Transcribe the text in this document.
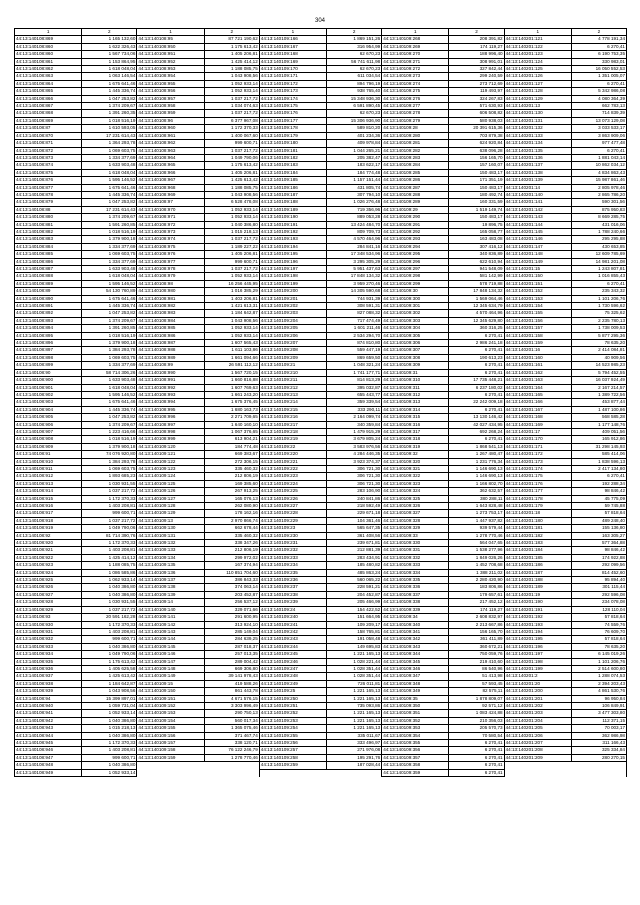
304
1	2
44:13:140108:869	1 165 132,60
44:13:140108:860	1 622 326,43
44:13:140108:860	1 567 734,06
44:13:140108:861	1 153 864,95
44:13:140108:862	1 618 048,04
44:13:140108:863	1 063 146,54
44:13:140108:864	1 675 641,46
44:13:140108:865	1 445 336,74
44:13:140108:866	1 047 253,82
44:13:140108:867	1 374 209,67
44:13:140108:868	1 391 260,35
44:13:140108:869	1 018 516,19
44:13:140108:87	1 610 593,05
44:13:140108:870	17 231 614,43
44:13:140108:871	1 364 293,78
44:13:140108:872	1 069 603,75
44:13:140108:873	1 334 377,69
44:13:140108:874	1 633 903,48
44:13:140108:875	1 618 048,04
44:13:140108:876	1 595 146,52
44:13:140108:877	1 675 641,46
44:13:140108:878	1 445 336,74
44:13:140108:879	1 047 253,82
44:13:140108:88	17 231 614,43
44:13:140108:880	1 374 209,67
44:13:140108:881	1 591 260,85
44:13:140108:882	1 018 516,19
44:13:140108:883	1 379 900,18
44:13:140108:884	1 334 377,69
44:13:140108:885	1 069 603,75
44:13:140108:886	1 334 377,69
44:13:140108:887	1 633 903,48
44:13:140108:888	1 618 048,04
44:13:140108:889	1 595 146,52
44:13:140108:89	54 130 760,89
44:13:140108:890	1 675 641,46
44:13:140108:891	1 445 336,74
44:13:140108:892	1 047 253,82
44:13:140108:893	1 374 209,67
44:13:140108:894	1 391 260,85
44:13:140108:895	1 018 516,19
44:13:140108:896	1 379 900,18
44:13:140108:897	1 384 293,78
44:13:140108:898	1 069 603,75
44:13:140108:899	1 334 377,69
44:13:140108:90	58 714 306,26
44:13:140108:900	1 633 903,48
44:13:140108:901	1 618 048,04
44:13:140108:902	1 595 146,52
44:13:140108:903	1 675 641,46
44:13:140108:904	1 445 336,74
44:13:140108:905	1 047 253,82
44:13:140108:906	1 374 209,67
44:13:140108:907	1 223 416,66
44:13:140108:908	1 018 516,19
44:13:140108:909	1 379 900,18
44:13:140108:91	74 076 920,80
44:13:140108:910	1 384 293,78
44:13:140108:911	1 069 603,75
44:13:140108:912	1 893 685,23
44:13:140108:913	1 030 931,55
44:13:140108:914	1 037 217,72
44:13:140108:915	1 172 370,33
44:13:140108:916	1 403 208,81
44:13:140108:917	999 600,71
44:13:140108:918	1 037 217,72
44:13:140108:919	1 049 790,06
44:13:140108:92	81 714 390,76
44:13:140108:920	1 172 370,33
44:13:140108:921	1 403 208,81
44:13:140108:922	1 425 414,12
44:13:140108:923	1 188 085,75
44:13:140108:924	1 086 585,86
44:13:140108:925	1 062 933,14
44:13:140108:926	1 040 386,80
44:13:140108:927	1 040 386,80
44:13:140108:928	1 030 931,55
44:13:140108:929	1 037 217,72
44:13:140108:93	20 591 162,28
44:13:140108:930	1 172 370,33
44:13:140108:931	1 403 208,81
44:13:140108:932	999 600,71
44:13:140108:933	1 040 386,80
44:13:140108:934	1 049 790,06
44:13:140108:935	1 175 613,42
44:13:140108:936	1 405 625,58
44:13:140108:937	1 425 613,42
44:13:140108:938	1 184 642,87
44:13:140108:939	1 043 908,56
44:13:140108:94	15 399 897,01
44:13:140108:940	1 059 731,04
44:13:140108:941	1 052 933,14
44:13:140108:942	1 040 386,80
44:13:140108:943	1 015 218,13
44:13:140108:944	1 040 386,80
44:13:140108:945	1 172 370,33
44:13:140108:946	1 403 208,81
44:13:140108:947	999 600,71
44:13:140108:948	1 040 386,80
44:13:140108:949	1 052 933,14
1	2
44:13:140108:95	87 721 190,62
44:13:140108:950	1 175 613,42
44:13:140108:951	1 405 206,81
44:13:140108:952	1 425 414,12
44:13:140108:953	1 188 085,75
44:13:140108:954	1 043 908,56
44:13:140108:955	1 052 933,14
44:13:140108:956	1 052 933,14
44:13:140108:957	1 037 217,72
44:13:140108:958	1 034 074,63
44:13:140108:959	1 037 217,72
44:13:140108:96	6 377 967,08
44:13:140108:960	1 172 370,33
44:13:140108:961	1 400 067,60
44:13:140108:962	999 600,71
44:13:140108:963	1 037 217,72
44:13:140108:964	1 049 790,06
44:13:140108:965	1 175 613,42
44:13:140108:966	1 405 206,81
44:13:140108:967	1 425 613,42
44:13:140108:968	1 188 085,75
44:13:140108:969	1 043 908,56
44:13:140108:97	6 528 478,08
44:13:140108:970	1 052 933,14
44:13:140108:971	1 052 933,14
44:13:140108:972	1 040 386,80
44:13:140108:973	1 015 218,13
44:13:140108:974	1 037 217,72
44:13:140108:975	1 189 227,22
44:13:140108:976	1 405 206,81
44:13:140108:977	999 600,71
44:13:140108:978	1 037 217,72
44:13:140108:979	1 052 933,14
44:13:140108:98	16 256 445,95
44:13:140108:980	1 016 385,29
44:13:140108:981	1 403 206,81
44:13:140108:982	1 421 613,31
44:13:140108:983	1 184 642,87
44:13:140108:984	1 043 908,56
44:13:140108:985	1 052 933,14
44:13:140108:986	1 052 933,14
44:13:140108:987	1 607 565,43
44:13:140108:988	1 611 103,86
44:13:140108:989	1 661 094,66
44:13:140108:99	26 591 112,12
44:13:140108:990	1 567 720,15
44:13:140108:991	1 660 816,88
44:13:140108:992	1 607 769,63
44:13:140108:993	1 661 243,20
44:13:140108:994	1 675 376,45
44:13:140108:995	1 680 163,73
44:13:140108:996	2 271 709,65
44:13:140108:997	1 640 160,10
44:13:140108:998	1 067 376,65
44:13:140108:999	613 904,21
44:13:140109:120	184 774,48
44:13:140109:121	669 383,67
44:13:140109:122	272 306,15
44:13:140109:123	335 460,32
44:13:140109:124	212 806,19
44:13:140109:125	169 385,60
44:13:140109:126	267 913,25
44:13:140109:127	165 076,13
44:13:140109:128	262 080,90
44:13:140109:129	178 162,16
44:13:140109:13	2 970 866,74
44:13:140109:130	662 678,44
44:13:140109:131	335 460,32
44:13:140109:132	338 347,26
44:13:140109:133	212 806,19
44:13:140109:134	299 972,02
44:13:140109:135	167 374,94
44:13:140109:136	110 851 704,60
44:13:140109:137	386 843,33
44:13:140109:138	374 063,14
44:13:140109:139	203 452,87
44:13:140109:14	256 537,12
44:13:140109:140	329 071,66
44:13:140109:141	291 600,95
44:13:140109:142	313 924,10
44:13:140109:143	285 149,04
44:13:140109:144	284 639,25
44:13:140109:145	287 018,37
44:13:140109:146	257 013,35
44:13:140109:147	289 004,42
44:13:140109:148	669 306,80
44:13:140109:149	39 141 978,43
44:13:140109:15	419 588,26
44:13:140109:150	861 443,78
44:13:140109:151	4 671 576,15
44:13:140109:152	3 303 996,49
44:13:140109:153	290 750,13
44:13:140109:154	560 017,34
44:13:140109:155	1 365 075,46
44:13:140109:156	371 467,74
44:13:140109:157	338 120,71
44:13:140109:158	76 122 246,79
44:13:140109:159	1 278 770,46
1	2
44:13:140109:166	1 869 151,26
44:13:140109:167	316 954,99
44:13:140109:168	62 670,23
44:13:140109:169	56 741 611,98
44:13:140109:170	62 670,23
44:13:140109:171	611 034,54
44:13:140109:172	894 796,19
44:13:140109:173	938 765,40
44:13:140109:174	15 348 936,30
44:13:140109:175	6 591 890,45
44:13:140109:176	62 670,23
44:13:140109:177	15 306 936,90
44:13:140109:178	589 810,20
44:13:140109:179	401 234,36
44:13:140109:180	409 978,84
44:13:140109:181	1 044 265,21
44:13:140109:182	205 382,47
44:13:140109:183	183 622,17
44:13:140109:184	184 774,48
44:13:140109:185	1 157 151,44
44:13:140109:186	431 805,74
44:13:140109:187	307 794,10
44:13:140109:188	1 026 276,48
44:13:140109:189	719 356,96
44:13:140109:190	889 053,28
44:13:140109:191	13 424 484,70
44:13:140109:192	809 709,73
44:13:140109:193	4 570 464,96
44:13:140109:194	284 841,16
44:13:140109:195	17 348 534,96
44:13:140109:196	3 295 305,29
44:13:140109:197	5 951 437,63
44:13:140109:198	17 848 134,32
44:13:140109:199	3 959 270,46
44:13:140109:200	14 305 590,68
44:13:140109:201	744 931,39
44:13:140109:202	308 591,31
44:13:140109:203	827 088,32
44:13:140109:204	717 474,49
44:13:140109:205	1 601 211,46
44:13:140109:206	2 534 294,70
44:13:140109:207	874 810,80
44:13:140109:208	559 447,19
44:13:140109:209	869 659,50
44:13:140109:21	1 048 321,24
44:13:140109:210	1 741 177,71
44:13:140109:211	814 813,29
44:13:140109:212	395 032,87
44:13:140109:213	655 443,77
44:13:140109:214	359 339,54
44:13:140109:215	333 290,11
44:13:140109:216	2 164 099,74
44:13:140109:217	340 359,84
44:13:140109:218	1 479 915,29
44:13:140109:219	3 679 805,24
44:13:140109:22	3 583 976,56
44:13:140109:220	4 284 446,35
44:13:140109:221	3 923 374,37
44:13:140109:222	306 721,30
44:13:140109:223	306 721,30
44:13:140109:224	306 721,30
44:13:140109:225	283 106,90
44:13:140109:226	240 841,86
44:13:140109:227	218 592,49
44:13:140109:228	229 671,18
44:13:140109:229	104 361,46
44:13:140109:23	565 647,35
44:13:140109:230	361 408,56
44:13:140109:231	239 671,81
44:13:140109:232	212 881,39
44:13:140109:233	283 434,91
44:13:140109:234	185 480,82
44:13:140109:235	485 863,24
44:13:140109:236	560 065,22
44:13:140109:237	228 591,21
44:13:140109:238	204 452,87
44:13:140109:239	205 466,99
44:13:140109:24	154 422,52
44:13:140109:240	151 664,95
44:13:140109:241	109 209,17
44:13:140109:242	158 765,81
44:13:140109:243	191 058,48
44:13:140109:244	149 695,83
44:13:140109:245	1 221 165,13
44:13:140109:246	1 028 221,44
44:13:140109:247	1 028 351,44
44:13:140109:248	1 028 351,44
44:13:140109:249	726 011,81
44:13:140109:25	1 221 165,13
44:13:140109:250	1 221 165,13
44:13:140109:251	735 093,86
44:13:140109:252	1 221 165,13
44:13:140109:253	1 221 165,13
44:13:140109:254	1 221 165,13
44:13:140109:255	335 011,67
44:13:140109:256	333 496,97
44:13:140109:257	271 976,08
44:13:140109:258	195 291,76
44:13:140109:259	187 028,44
1	2
44:13:140109:268	208 391,82
44:13:140109:269	174 119,27
44:13:140109:270	188 996,40
44:13:140109:271	308 991,01
44:13:140109:272	327 842,44
44:13:140109:273	299 240,59
44:13:140109:274	273 712,69
44:13:140109:275	119 493,97
44:13:140109:276	324 267,83
44:13:140109:277	571 630,93
44:13:140109:278	606 508,82
44:13:140109:279	580 938,03
44:13:140109:28	20 391 615,36
44:13:140109:280	703 879,38
44:13:140109:281	624 920,84
44:13:140109:282	638 096,28
44:13:140109:283	156 165,70
44:13:140109:284	157 160,07
44:13:140109:285	150 483,17
44:13:140109:286	171 351,19
44:13:140109:287	150 483,17
44:13:140109:288	180 492,74
44:13:140109:289	160 331,59
44:13:140109:29	1 519 149,74
44:13:140109:290	150 483,17
44:13:140109:291	19 896,75
44:13:140109:292	165 058,77
44:13:140109:293	163 483,08
44:13:140109:294	307 416,12
44:13:140109:295	340 836,89
44:13:140109:296	622 610,94
44:13:140109:297	941 548,09
44:13:140109:298	581 142,99
44:13:140109:299	578 719,88
44:13:140109:30	17 848 134,32
44:13:140109:300	1 569 064,46
44:13:140109:301	12 345 634,79
44:13:140109:302	4 570 464,96
44:13:140109:303	12 345 629,80
44:13:140109:304	360 316,25
44:13:140109:305	6 270,41
44:13:140109:306	2 986 241,18
44:13:140109:307	6 270,41
44:13:140109:308	190 613,23
44:13:140109:309	6 270,41
44:13:140109:31	6 270,41
44:13:140109:310	17 735 448,21
44:13:140109:311	6 237 180,02
44:13:140109:312	6 270,41
44:13:140109:313	22 242 009,18
44:13:140109:314	6 270,41
44:13:140109:315	13 130 146,42
44:13:140109:316	42 027 434,95
44:13:140109:317	692 268,24
44:13:140109:318	6 270,41
44:13:140109:319	1 868 541,13
44:13:140109:32	1 267 480,47
44:13:140109:320	1 231 776,34
44:13:140109:321	1 146 690,13
44:13:140109:322	1 146 690,13
44:13:140109:323	1 166 802,70
44:13:140109:324	362 632,57
44:13:140109:325	380 288,11
44:13:140109:326	1 643 828,48
44:13:140109:327	1 273 753,17
44:13:140109:328	1 447 937,82
44:13:140109:329	939 579,44
44:13:140109:33	1 278 770,46
44:13:140109:330	564 047,65
44:13:140109:331	1 538 277,96
44:13:140109:332	1 849 026,26
44:13:140109:333	1 452 708,68
44:13:140109:334	1 388 211,02
44:13:140109:335	2 280 420,90
44:13:140109:336	183 806,86
44:13:140109:337	179 657,61
44:13:140109:338	217 452,12
44:13:140109:339	174 119,27
44:13:140109:34	2 608 832,97
44:13:140109:340	2 213 667,86
44:13:140109:341	156 165,70
44:13:140109:342	361 411,89
44:13:140109:343	360 672,21
44:13:140109:344	750 059,76
44:13:140109:345	219 410,60
44:13:140109:346	86 540,96
44:13:140109:347	51 413,98
44:13:140109:348	57 593,45
44:13:140109:349	82 575,11
44:13:140109:35	1 878 809,07
44:13:140109:350	92 571,12
44:13:140109:351	1 083 424,88
44:13:140109:352	210 356,03
44:13:140109:353	205 570,73
44:13:140109:354	70 580,54
44:13:140109:355	6 270,41
44:13:140109:356	6 270,41
44:13:140109:357	6 270,41
44:13:140109:358	6 270,41
44:13:140109:359	6 270,41
1	2
44:13:140201:121	4 778 191,34
44:13:140201:122	6 270,41
44:13:140201:123	6 190 753,35
44:13:140201:124	330 983,01
44:13:140201:125	16 050 552,53
44:13:140201:126	1 351 005,07
44:13:140201:127	6 270,41
44:13:140201:128	5 342 986,08
44:13:140201:129	4 080 364,39
44:13:140201:13	662 783,13
44:13:140201:130	714 839,39
44:13:140201:131	13 073 129,08
44:13:140201:132	3 033 533,17
44:13:140201:133	3 863 909,06
44:13:140201:134	977 477,48
44:13:140201:135	6 270,41
44:13:140201:136	1 881 043,14
44:13:140201:137	10 862 034,12
44:13:140201:138	4 834 863,43
44:13:140201:139	15 987 861,46
44:13:140201:14	2 805 978,46
44:13:140201:140	2 865 786,20
44:13:140201:141	590 301,56
44:13:140201:142	875 950,83
44:13:140201:143	8 669 285,75
44:13:140201:144	431 016,06
44:13:140201:145	1 788 240,66
44:13:140201:146	295 295,88
44:13:140201:147	430 653,85
44:13:140201:148	12 609 785,69
44:13:140201:149	14 981 201,08
44:13:140201:15	1 243 807,81
44:13:140201:150	1 016 855,43
44:13:140201:151	6 270,41
44:13:140201:152	235 343,32
44:13:140201:153	1 101 206,76
44:13:140201:154	1 730 596,62
44:13:140201:155	75 325,62
44:13:140201:156	2 235 780,13
44:13:140201:157	1 738 009,53
44:13:140201:158	5 877 295,36
44:13:140201:159	78 635,20
44:13:140201:16	2 414 084,81
44:13:140201:160	40 909,56
44:13:140201:161	14 523 985,23
44:13:140201:162	5 794 452,55
44:13:140201:163	16 037 924,49
44:13:140201:164	2 167 214,57
44:13:140201:165	1 389 722,56
44:13:140201:166	453 877,44
44:13:140201:167	1 487 100,86
44:13:140201:168	568 585,28
44:13:140201:169	1 177 148,76
44:13:140201:17	409 051,56
44:13:140201:170	165 912,86
44:13:140201:171	31 298 145,93
44:13:140201:172	585 414,06
44:13:140201:173	1 838 596,13
44:13:140201:174	2 417 134,80
44:13:140201:175	6 270,41
44:13:140201:176	192 288,34
44:13:140201:177	98 846,42
44:13:140201:178	45 775,09
44:13:140201:179	59 745,88
44:13:140201:18	57 818,64
44:13:140201:180	489 248,40
44:13:140201:181	155 136,80
44:13:140201:182	163 305,27
44:13:140201:183	577 364,88
44:13:140201:184	98 846,42
44:13:140201:185	174 922,88
44:13:140201:186	292 099,56
44:13:140201:187	814 452,60
44:13:140201:188	95 894,40
44:13:140201:189	301 115,44
44:13:140201:19	292 596,08
44:13:140201:190	234 078,08
44:13:140201:191	128 110,04
44:13:140201:192	57 818,64
44:13:140201:193	74 559,76
44:13:140201:194	76 609,70
44:13:140201:195	57 818,64
44:13:140201:196	78 635,20
44:13:140201:197	6 145 019,26
44:13:140201:198	1 101 206,76
44:13:140201:199	2 514 600,80
44:13:140201:2	1 288 074,53
44:13:140201:20	2 394 203,43
44:13:140201:200	4 861 530,76
44:13:140201:201	96 950,84
44:13:140201:202	106 849,91
44:13:140201:203	3 477 303,80
44:13:140201:204	112 371,15
44:13:140201:205	70 003,17
44:13:140201:206	362 986,98
44:13:140201:207	311 166,43
44:13:140201:208	325 334,84
44:13:140201:209	280 270,15
